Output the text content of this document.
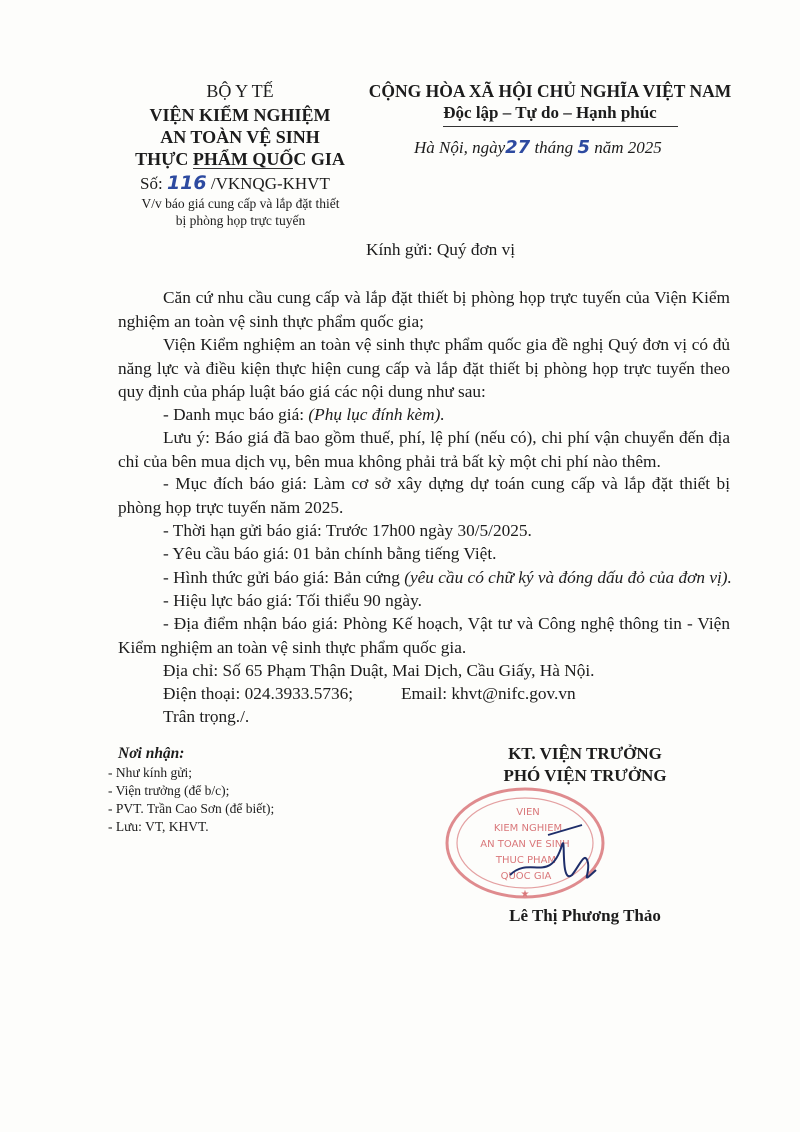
BỘ Y TẾ
VIỆN KIỂM NGHIỆM
AN TOÀN VỆ SINH
THỰC PHẨM QUỐC GIA
Số: 116 /VKNQG-KHVT
V/v báo giá cung cấp và lắp đặt thiết
bị phòng họp trực tuyến
CỘNG HÒA XÃ HỘI CHỦ NGHĨA VIỆT NAM
Độc lập – Tự do – Hạnh phúc
Hà Nội, ngày27 tháng 5 năm 2025
Kính gửi: Quý đơn vị
Căn cứ nhu cầu cung cấp và lắp đặt thiết bị phòng họp trực tuyến của Viện Kiểm nghiệm an toàn vệ sinh thực phẩm quốc gia;
Viện Kiểm nghiệm an toàn vệ sinh thực phẩm quốc gia đề nghị Quý đơn vị có đủ năng lực và điều kiện thực hiện cung cấp và lắp đặt thiết bị phòng họp trực tuyến theo quy định của pháp luật báo giá các nội dung như sau:
- Danh mục báo giá: (Phụ lục đính kèm).
Lưu ý: Báo giá đã bao gồm thuế, phí, lệ phí (nếu có), chi phí vận chuyển đến địa chỉ của bên mua dịch vụ, bên mua không phải trả bất kỳ một chi phí nào thêm.
- Mục đích báo giá: Làm cơ sở xây dựng dự toán cung cấp và lắp đặt thiết bị phòng họp trực tuyến năm 2025.
- Thời hạn gửi báo giá: Trước 17h00 ngày 30/5/2025.
- Yêu cầu báo giá: 01 bản chính bằng tiếng Việt.
- Hình thức gửi báo giá: Bản cứng (yêu cầu có chữ ký và đóng dấu đỏ của đơn vị).
- Hiệu lực báo giá: Tối thiểu 90 ngày.
- Địa điểm nhận báo giá: Phòng Kế hoạch, Vật tư và Công nghệ thông tin - Viện Kiểm nghiệm an toàn vệ sinh thực phẩm quốc gia.
Địa chỉ: Số 65 Phạm Thận Duật, Mai Dịch, Cầu Giấy, Hà Nội.
Điện thoại: 024.3933.5736;	Email: khvt@nifc.gov.vn
Trân trọng./.
Nơi nhận:
- Như kính gửi;
- Viện trưởng (để b/c);
- PVT. Trần Cao Sơn (để biết);
- Lưu: VT, KHVT.
KT. VIỆN TRƯỞNG
PHÓ VIỆN TRƯỞNG
VIEN
KIEM NGHIEM
AN TOAN VE SINH
THUC PHAM
QUOC GIA
★
Lê Thị Phương Thảo
